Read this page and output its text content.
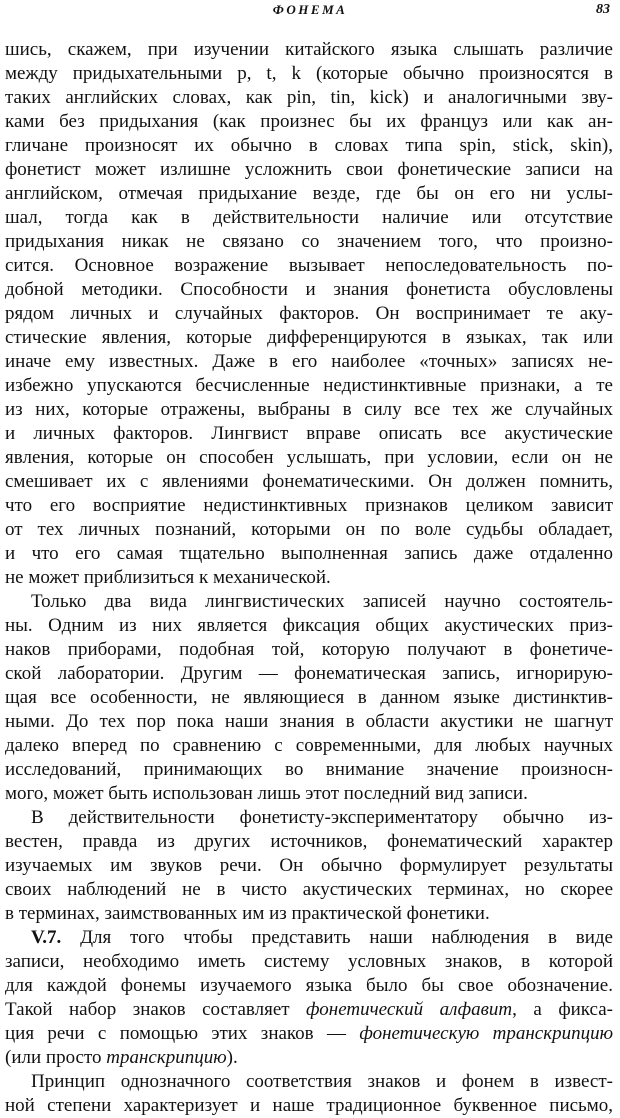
ФОНЕМА	83
шись, скажем, при изучении китайского языка слышать различие
между придыхательными p, t, k (которые обычно произносятся в
таких английских словах, как pin, tin, kick) и аналогичными зву-
ками без придыхания (как произнес бы их француз или как ан-
гличане произносят их обычно в словах типа spin, stick, skin),
фонетист может излишне усложнить свои фонетические записи на
английском, отмечая придыхание везде, где бы он его ни услы-
шал, тогда как в действительности наличие или отсутствие
придыхания никак не связано со значением того, что произно-
сится. Основное возражение вызывает непоследовательность по-
добной методики. Способности и знания фонетиста обусловлены
рядом личных и случайных факторов. Он воспринимает те аку-
стические явления, которые дифференцируются в языках, так или
иначе ему известных. Даже в его наиболее «точных» записях не-
избежно упускаются бесчисленные недистинктивные признаки, а те
из них, которые отражены, выбраны в силу все тех же случайных
и личных факторов. Лингвист вправе описать все акустические
явления, которые он способен услышать, при условии, если он не
смешивает их с явлениями фонематическими. Он должен помнить,
что его восприятие недистинктивных признаков целиком зависит
от тех личных познаний, которыми он по воле судьбы обладает,
и что его самая тщательно выполненная запись даже отдаленно
не может приблизиться к механической.
Только два вида лингвистических записей научно состоятель-
ны. Одним из них является фиксация общих акустических приз-
наков приборами, подобная той, которую получают в фонетиче-
ской лаборатории. Другим — фонематическая запись, игнорирую-
щая все особенности, не являющиеся в данном языке дистинктив-
ными. До тех пор пока наши знания в области акустики не шагнут
далеко вперед по сравнению с современными, для любых научных
исследований, принимающих во внимание значение произносн-
мого, может быть использован лишь этот последний вид записи.
В действительности фонетисту-экспериментатору обычно из-
вестен, правда из других источников, фонематический характер
изучаемых им звуков речи. Он обычно формулирует результаты
своих наблюдений не в чисто акустических терминах, но скорее
в терминах, заимствованных им из практической фонетики.
V.7. Для того чтобы представить наши наблюдения в виде
записи, необходимо иметь систему условных знаков, в которой
для каждой фонемы изучаемого языка было бы свое обозначение.
Такой набор знаков составляет фонетический алфавит, а фикса-
ция речи с помощью этих знаков — фонетическую транскрипцию
(или просто транскрипцию).
Принцип однозначного соответствия знаков и фонем в извест-
ной степени характеризует и наше традиционное буквенное письмо,
